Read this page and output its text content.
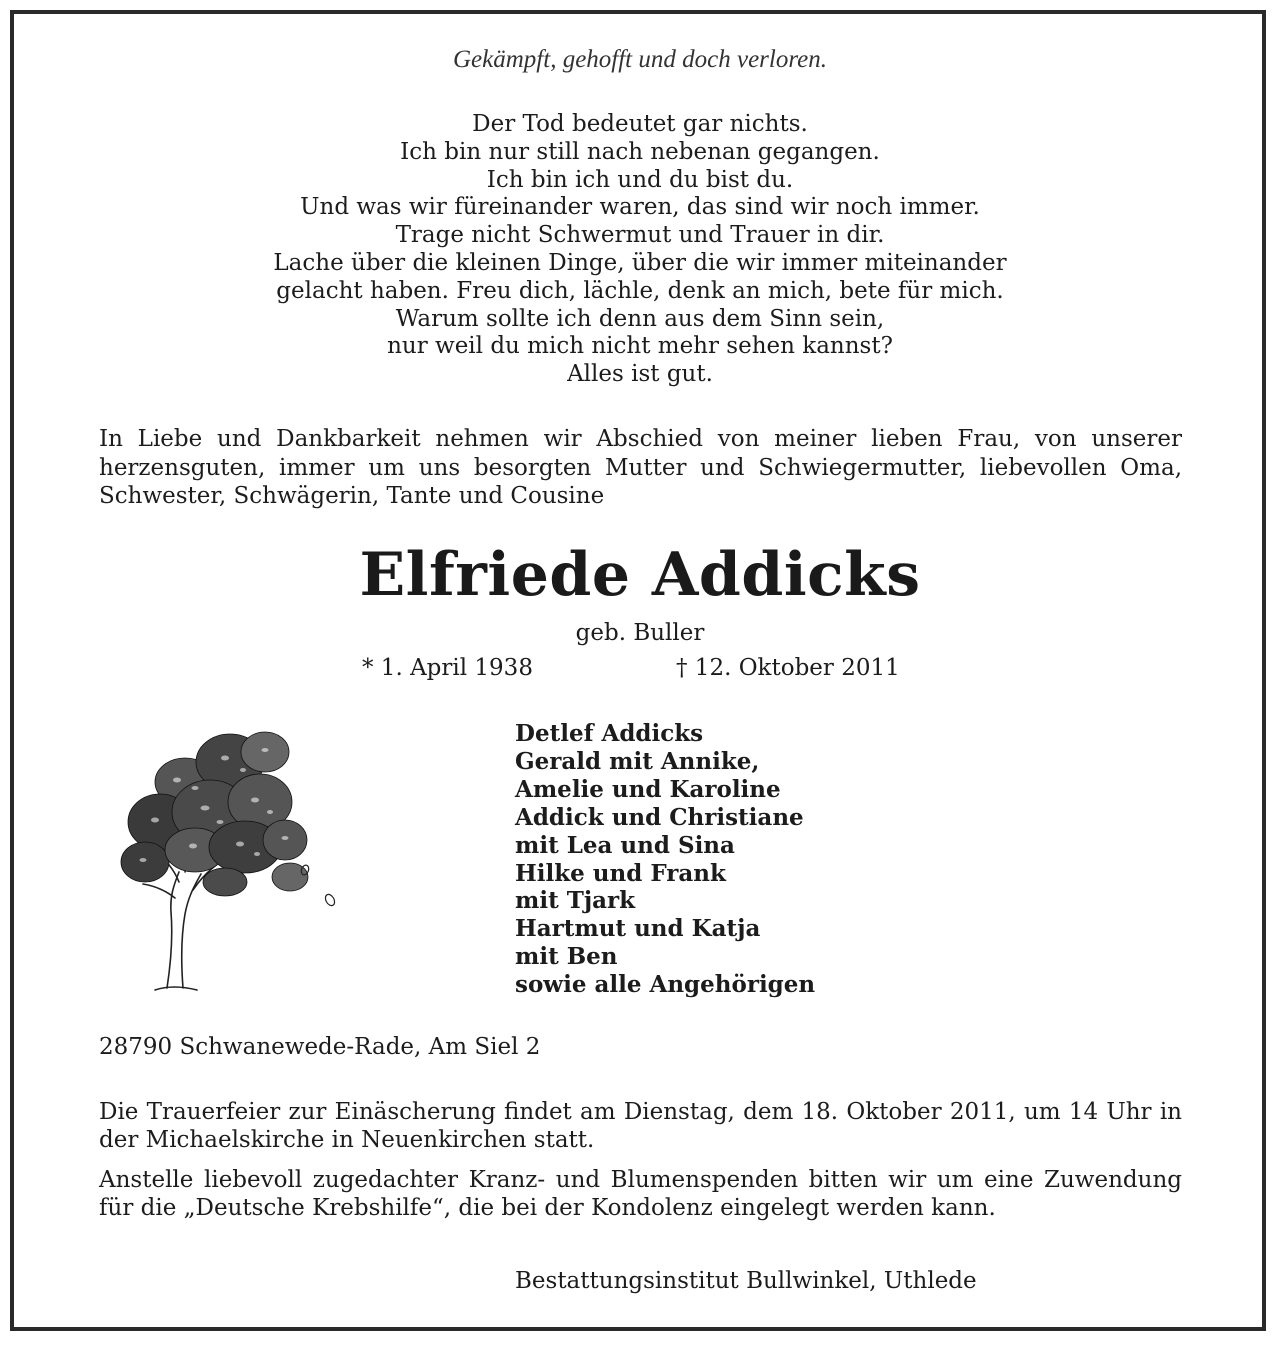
Gekämpft, gehofft und doch verloren.
Der Tod bedeutet gar nichts.
Ich bin nur still nach nebenan gegangen.
Ich bin ich und du bist du.
Und was wir füreinander waren, das sind wir noch immer.
Trage nicht Schwermut und Trauer in dir.
Lache über die kleinen Dinge, über die wir immer miteinander
gelacht haben. Freu dich, lächle, denk an mich, bete für mich.
Warum sollte ich denn aus dem Sinn sein,
nur weil du mich nicht mehr sehen kannst?
Alles ist gut.
In Liebe und Dankbarkeit nehmen wir Abschied von meiner lieben Frau, von unserer herzensguten, immer um uns besorgten Mutter und Schwiegermutter, liebevollen Oma, Schwester, Schwägerin, Tante und Cousine
Elfriede Addicks
geb. Buller
* 1. April 1938	† 12. Oktober 2011
Detlef Addicks
Gerald mit Annike,
Amelie und Karoline
Addick und Christiane
mit Lea und Sina
Hilke und Frank
mit Tjark
Hartmut und Katja
mit Ben
sowie alle Angehörigen
28790 Schwanewede-Rade, Am Siel 2
Die Trauerfeier zur Einäscherung findet am Dienstag, dem 18. Oktober 2011, um 14 Uhr in der Michaelskirche in Neuenkirchen statt.
Anstelle liebevoll zugedachter Kranz- und Blumenspenden bitten wir um eine Zuwendung für die „Deutsche Krebshilfe“, die bei der Kondolenz eingelegt werden kann.
Bestattungsinstitut Bullwinkel, Uthlede
